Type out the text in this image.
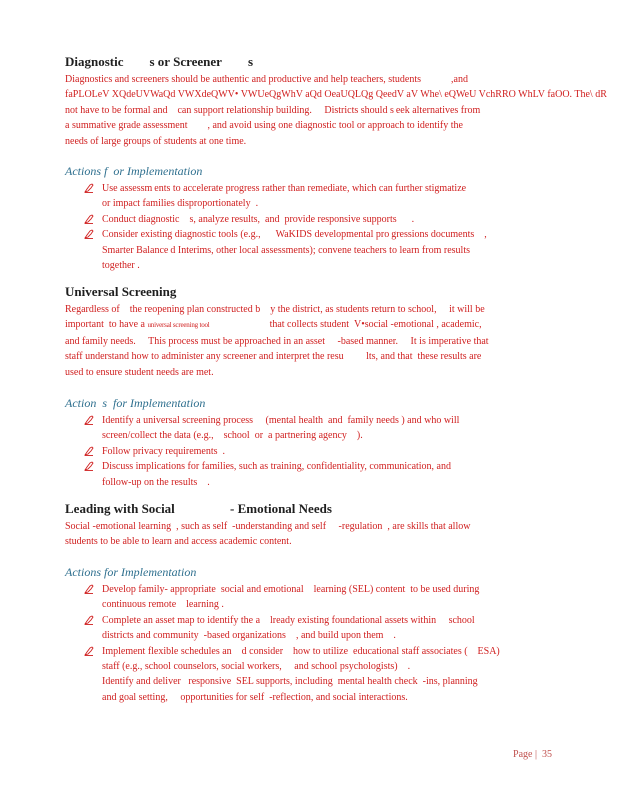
Diagnostic  s or Screener  s
Diagnostics and screeners should be authentic and productive and help teachers, students   ,and
faPLOLeV XQdeUVWaQd VWXdeQWV• VWUeQgWhV aQd OeaUQLQg QeedV aV Whe\ eQWeU VchRRO WhLV faOO. The\ dR
not have to be formal and can support relationship building.  Districts should s eek alternatives from
a summative grade assessment  , and avoid using one diagnostic tool or approach to identify the
needs of large groups of students at one time.
Actions f or Implementation
Use assessm ents to accelerate progress rather than remediate, which can further stigmatize
or impact families disproportionately .
Conduct diagnostic s, analyze results, and provide responsive supports  .
Consider existing diagnostic tools (e.g.,  WaKIDS developmental pro gressions documents ,
Smarter Balance d Interims, other local assessments); convene teachers to learn from results
together .
Universal Screening
Regardless of the reopening plan constructed b y the district, as students return to school,  it will be
important to have a universal screening tool      that collects student V•social -emotional , academic,
and family needs.  This process must be approached in an asset  -based manner.  It is imperative that
staff understand how to administer any screener and interpret the resu   lts, and that these results are
used to ensure student needs are met.
Action s for Implementation
Identify a universal screening process  (mental health and family needs ) and who will
screen/collect the data (e.g., school or a partnering agency ).
Follow privacy requirements .
Discuss implications for families, such as training, confidentiality, communication, and
follow-up on the results .
Leading with Social     - Emotional Needs
Social -emotional learning , such as self -understanding and self  -regulation , are skills that allow
students to be able to learn and access academic content.
Actions for Implementation
Develop family- appropriate social and emotional learning (SEL) content to be used during
continuous remote learning .
Complete an asset map to identify the a lready existing foundational assets within  school
districts and community -based organizations , and build upon them .
Implement flexible schedules an d consider how to utilize educational staff associates ( ESA)
staff (e.g., school counselors, social workers,  and school psychologists) .
Identify and deliver  responsive SEL supports, including mental health check -ins, planning
and goal setting,  opportunities for self -reflection, and social interactions.
Page | 35
